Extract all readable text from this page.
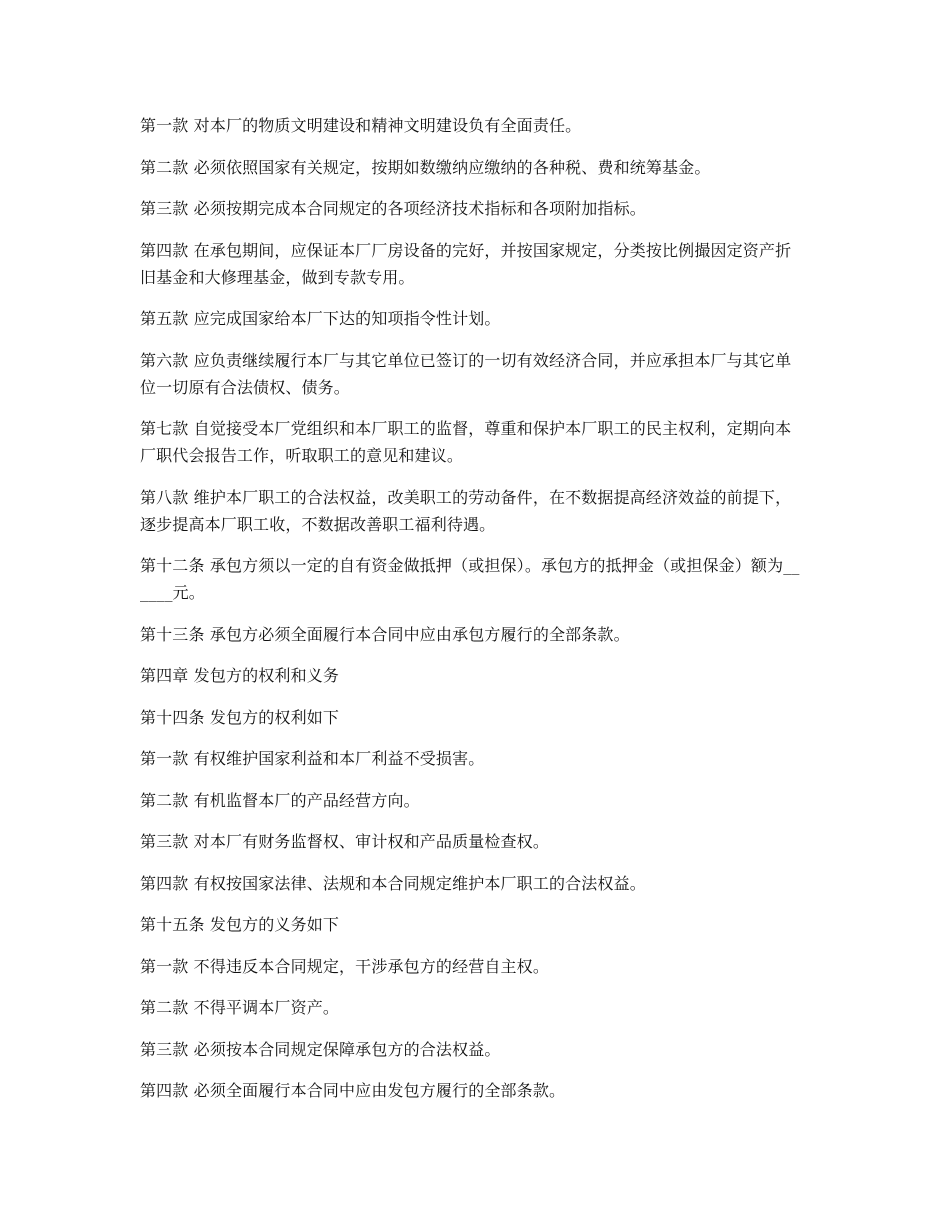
第一款 对本厂的物质文明建设和精神文明建设负有全面责任。

第二款 必须依照国家有关规定，按期如数缴纳应缴纳的各种税、费和统筹基金。

第三款 必须按期完成本合同规定的各项经济技术指标和各项附加指标。

第四款 在承包期间，应保证本厂厂房设备的完好，并按国家规定，分类按比例撮因定资产折旧基金和大修理基金，做到专款专用。

第五款 应完成国家给本厂下达的知项指令性计划。

第六款 应负责继续履行本厂与其它单位已签订的一切有效经济合同，并应承担本厂与其它单位一切原有合法债权、债务。

第七款 自觉接受本厂党组织和本厂职工的监督，尊重和保护本厂职工的民主权利，定期向本厂职代会报告工作，听取职工的意见和建议。

第八款 维护本厂职工的合法权益，改美职工的劳动备件，在不数据提高经济效益的前提下，逐步提高本厂职工收，不数据改善职工福利待遇。

第十二条 承包方须以一定的自有资金做抵押（或担保）。承包方的抵押金（或担保金）额为______元。

第十三条 承包方必须全面履行本合同中应由承包方履行的全部条款。

第四章 发包方的权利和义务

第十四条 发包方的权利如下

第一款 有权维护国家利益和本厂利益不受损害。

第二款 有机监督本厂的产品经营方向。

第三款 对本厂有财务监督权、审计权和产品质量检查权。

第四款 有权按国家法律、法规和本合同规定维护本厂职工的合法权益。

第十五条 发包方的义务如下

第一款 不得违反本合同规定，干涉承包方的经营自主权。

第二款 不得平调本厂资产。

第三款 必须按本合同规定保障承包方的合法权益。

第四款 必须全面履行本合同中应由发包方履行的全部条款。
